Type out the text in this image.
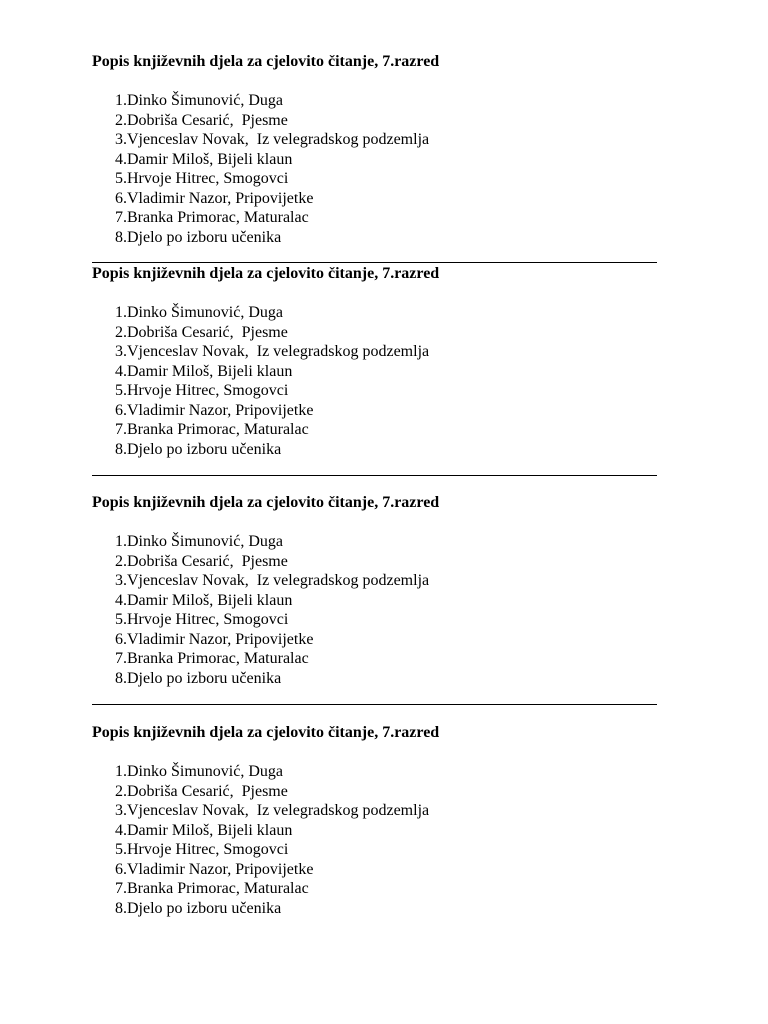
Popis književnih djela za cjelovito čitanje, 7.razred
1.Dinko Šimunović, Duga
2.Dobriša Cesarić,  Pjesme
3.Vjenceslav Novak,  Iz velegradskog podzemlja
4.Damir Miloš, Bijeli klaun
5.Hrvoje Hitrec, Smogovci
6.Vladimir Nazor, Pripovijetke
7.Branka Primorac, Maturalac
8.Djelo po izboru učenika
Popis književnih djela za cjelovito čitanje, 7.razred
1.Dinko Šimunović, Duga
2.Dobriša Cesarić,  Pjesme
3.Vjenceslav Novak,  Iz velegradskog podzemlja
4.Damir Miloš, Bijeli klaun
5.Hrvoje Hitrec, Smogovci
6.Vladimir Nazor, Pripovijetke
7.Branka Primorac, Maturalac
8.Djelo po izboru učenika
Popis književnih djela za cjelovito čitanje, 7.razred
1.Dinko Šimunović, Duga
2.Dobriša Cesarić,  Pjesme
3.Vjenceslav Novak,  Iz velegradskog podzemlja
4.Damir Miloš, Bijeli klaun
5.Hrvoje Hitrec, Smogovci
6.Vladimir Nazor, Pripovijetke
7.Branka Primorac, Maturalac
8.Djelo po izboru učenika
Popis književnih djela za cjelovito čitanje, 7.razred
1.Dinko Šimunović, Duga
2.Dobriša Cesarić,  Pjesme
3.Vjenceslav Novak,  Iz velegradskog podzemlja
4.Damir Miloš, Bijeli klaun
5.Hrvoje Hitrec, Smogovci
6.Vladimir Nazor, Pripovijetke
7.Branka Primorac, Maturalac
8.Djelo po izboru učenika
